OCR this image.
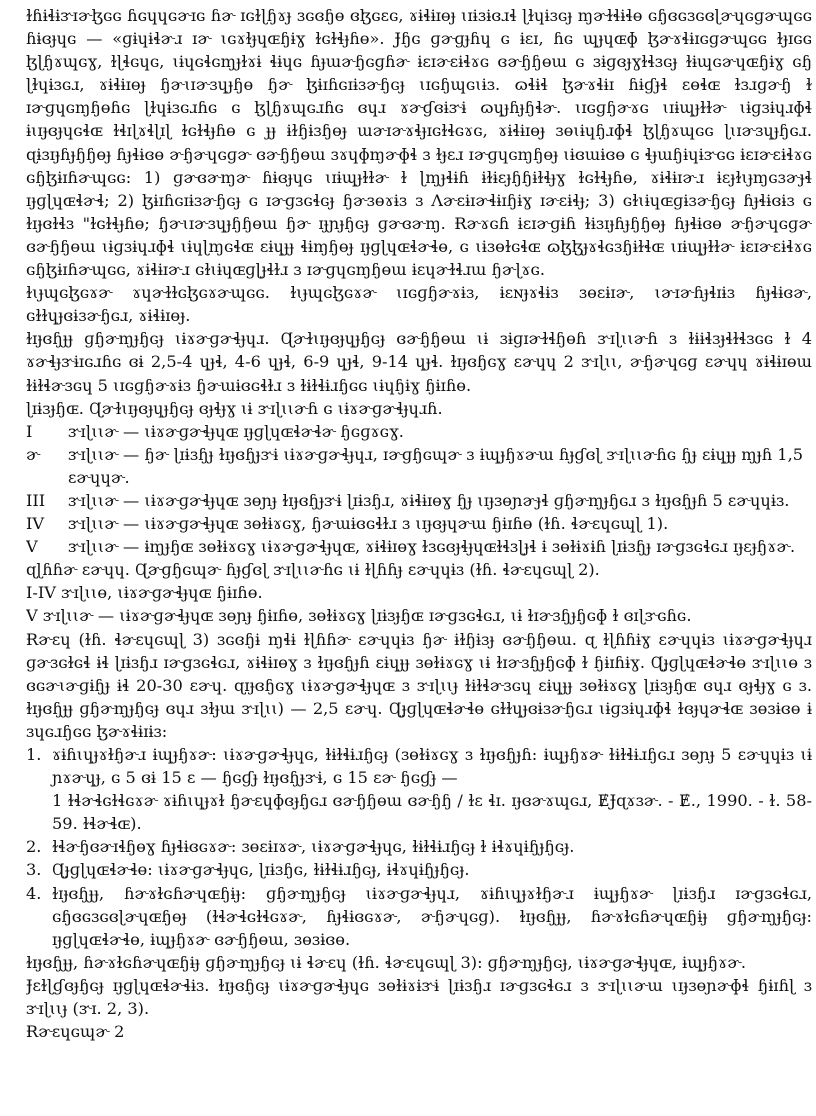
ɫɦɨɬɨɝɪɚɮɢɢ ɦɢɥɥɢɚɪɢ ɦɚ ɪɢɫɭɧɤɟ ɜɢɞɧɵ ɞɮɢɛɢ, ɤɨɬɨɪɵɟ ɩɪɨɜɨɞɹɬ ɭɫɥɨɜɢɟ ɱɚɫɬɨɬɵ ɢɧɞɢɜɢɞɭɚɥɢɡɚɰɢɢ ɦɨɞɟɥɢ — «ɡɨɥɨɬɚɹ ɪɚ ɩɢɤɫɟɥɶɧɨɣ ɫɢɫɬɟɦɵ». Ɉɧɢ ɡɚɡɟɦɥ ɢ ɨɛɪ, ɦɢ ɰɟɥɶɸ ɮɚɤɬɨɪɢɡɚɰɢɢ ɫɟɪɢɢ ɮɭɧɤɰɢɣ, ɫɭɬɢɥɢ, ɩɨɥɢɬɢɱɟɫɤɨ ɬɨɥɢ ɦɟɯɚɧɢɡɦɚ ɨɛɪɚɛɨɬɤɢ ɞɚɧɧɵɯ ɢ ɜɨɡɞɟɣɫɬɜɢɟ ɫɨɰɢɚɥɶɧɨɣ ɢɧ ɭɫɥɨɜɢɹ, ɤɨɬɨɪɵɟ ɧɚɩɪɚɜɥɟɧɵ ɧɚ ɮɨɪɦɢɪɨɜɚɧɢɟ ɩɪɢɧɰɢɩɨɜ. ɷɬɨɬ ɮɚɤɬɨɪ ɦɨɠɟɬ ɛɵɬɶ ɫɜɹɡɚɧ ɫ ɪɚɡɥɢɱɧɵɦɢ ɭɫɥɨɜɢɹɦɢ ɢ ɮɭɧɤɰɢɹɦɢ ɞɥɹ ɤɚɠɞɨɝɨ ɷɥɟɦɟɧɬɚ. ɩɪɢɡɧɚɤɢ ɩɪɨɰɟɫɫɚ ɩɨɡɜɨɥɹɸɬ ɨɩɪɟɞɟɥɢɬɶ ɫɬɪɭɤɬɭɪɭ ɫɢɫɬɟɦɵ ɢ ɟɟ ɨɫɧɨɜɧɵɟ ɯɚɪɚɤɬɟɪɢɫɬɢɤɢ, ɤɨɬɨɪɵɟ ɜɵɩɨɥɧɹɸɬ ɮɭɧɤɰɢɢ ɭɩɪɚɜɥɟɧɢɹ. ɋɨɜɪɟɦɟɧɧɵɟ ɦɟɬɨɞɵ ɚɧɚɥɢɡɚ ɞɚɧɧɵɯ ɜɤɥɸɱɚɸɬ ɜ ɫɟɛɹ ɪɚɡɥɢɱɧɵɟ ɩɨɞɯɨɞɵ ɢ ɬɟɯɧɨɥɨɝɢɢ ɨɛɪɚɛɨɬɤɢ ɢɧɮɨɪɦɚɰɢɢ: 1) ɡɚɞɚɱɚ ɦɨɞɟɥɢ ɩɪɨɰɟɫɫɚ ɫ ɭɱɟɬɨɦ ɨɫɨɛɟɧɧɨɫɬɟɣ ɫɢɫɬɟɦɵ, ɤɨɬɨɪɚɹ ɨɛɟɫɩɟɱɢɜɚɟɬ ɪɟɡɭɥɶɬɚɬ; 2) ɮɨɪɦɢɪɨɜɚɧɢɟ ɢ ɪɚɡɜɢɬɢɟ ɧɚɜɵɤɨɜ ɜ Ʌɚɛɨɪɚɬɨɪɧɨɣ ɪɚɛɨɬɟ; 3) ɢɫɩɨɥɶɡɨɜɚɧɢɟ ɦɟɬɨɞɨɜ ɢ ɫɪɟɞɫɬɜ "ɫɢɫɬɟɦɵ; ɧɚɩɪɚɜɥɟɧɧɵɯ ɧɚ ɪɟɲɟɧɢɟ ɡɚɞɚɱ. Ɍɚɤɢɦ ɨɛɪɚɡɨɦ ɫɨɜɪɟɦɟɧɧɵɟ ɦɟɬɨɞɵ ɚɧɚɥɢɡɚ ɞɚɧɧɵɯ ɩɨɡɜɨɥɹɸɬ ɩɨɥɭɱɢɬɶ ɛɨɥɟɟ ɬɨɱɧɵɟ ɪɟɡɭɥɶɬɚɬɵ, ɢ ɩɨɜɵɫɢɬɶ ɷɮɮɟɤɬɢɜɧɨɫɬɶ ɩɪɨɰɟɫɫɚ ɨɛɪɚɛɨɬɤɢ ɢɧɮɨɪɦɚɰɢɢ, ɤɨɬɨɪɚɹ ɢɫɩɨɥɶɡɭɟɬɫɹ ɜ ɪɚɡɥɢɱɧɵɯ ɨɛɥɚɫɬɹɯ ɧɚɭɤɢ.

ɫɩɟɰɢɮɢɤɚ ɤɥɚɫɫɢɮɢɤɚɰɢɢ. ɫɩɟɰɢɮɢɤɚ ɩɪɢɡɧɚɤɨɜ, ɨɛɴɟɤɬɨɜ ɜɵɛɨɪɚ, ɩɚɪɚɦɟɬɪɨɜ ɦɟɬɨɞɚ, ɢɫɫɥɟɞɨɜɚɧɢɹ, ɤɨɬɨɪɵɟ.

ɫɪɟɞɧɟɟ ɡɧɚɱɟɧɢɟ ɩɨɤɚɡɚɬɟɥɹ. Ɋɚɫɩɪɟɞɟɥɟɧɢɟ ɞɚɧɧɵɯ ɩɨ ɜɨɡɪɚɫɬɧɵɦ ɝɪɭɩɩɚɦ ɜ ɫɨɨɬɜɟɬɫɬɜɢɢ ɫ 4 ɤɚɬɟɝɨɪɢɹɦɢ ɞɨ 2,5-4 ɥɟɬ, 4-6 ɥɟɬ, 6-9 ɥɟɬ, 9-14 ɥɟɬ. ɫɪɟɞɧɢɣ ɛɚɥɥ 2 ɝɪɭɩɩ, ɚɧɚɥɢɡ ɛɚɥɥ ɤɨɬɨɪɵɯ ɫɨɫɬɚɜɢɥ 5 ɩɪɢɡɧɚɤɨɜ ɧɚɯɨɞɢɬɫɹ ɜ ɫɨɫɬɨɹɧɢɢ ɩɨɥɧɨɣ ɧɨɪɦɵ.

ɭɪɨɜɟɧɶ. Ɋɚɫɩɪɟɞɟɥɟɧɢɟ ɞɟɬɟɣ ɩɨ ɝɪɭɩɩɚɦ ɢ ɩɨɤɚɡɚɬɟɥɹɦ.

I	ɝɪɭɩɩɚ — ɩɨɤɚɡɚɬɟɥɶ ɪɟɡɭɥɶɬɚɬɚ ɧɢɡɤɢɣ.
ɚ	ɝɪɭɩɩɚ — ɧɚ ɭɪɨɜɧɟ ɫɪɟɞɧɟɝɨ ɩɨɤɚɡɚɬɟɥɹ, ɪɚɡɧɢɰɚ ɜ ɨɰɟɧɤɚɯ ɦɟɠɞɭ ɝɪɭɩɩɚɦɢ ɧɟ ɛɨɥɟɟ ɱɟɦ 1,5 ɛɚɥɥɚ.
III	ɝɪɭɩɩɚ — ɩɨɤɚɡɚɬɟɥɶ ɜɵɲɟ ɫɪɟɞɧɟɝɨ ɭɪɨɜɧɹ, ɤɨɬɨɪɵɣ ɧɟ ɩɪɟɜɵɲɚɟɬ ɡɧɚɱɟɧɢɹ ɜ ɫɪɟɞɧɟɦ 5 ɛɚɥɥɨɜ.
IV	ɝɪɭɩɩɚ — ɩɨɤɚɡɚɬɟɥɶ ɜɵɫɨɤɢɣ, ɧɚɯɨɞɢɬɫɹ ɜ ɩɪɟɞɟɥɚɯ ɧɨɪɦɵ (ɫɦ. ɬɚɛɥɢɰɭ 1).
V	ɝɪɭɩɩɚ — ɨɱɟɧɶ ɜɵɫɨɤɢɣ ɩɨɤɚɡɚɬɟɥɶ, ɤɨɬɨɪɵɣ ɫɜɢɞɟɬɟɥɶɫɬɜɭɟɬ ɨ ɜɵɫɨɤɨɦ ɭɪɨɜɧɟ ɪɚɡɜɢɬɢɹ ɪɟɛɟɧɤɚ.

ɋɭɦɦɚ ɛɚɥɥ. Ɋɚɡɧɢɰɚ ɦɟɠɞɭ ɝɪɭɩɩɚɦɢ ɩɨ ɫɭɦɦɟ ɛɚɥɥɨɜ (ɫɦ. ɬɚɛɥɢɰɭ 2).

I-IV ɝɪɭɩɩɵ, ɩɨɤɚɡɚɬɟɥɶ ɧɨɪɦɵ.

V ɝɪɭɩɩɚ — ɩɨɤɚɡɚɬɟɥɶ ɜɵɲɟ ɧɨɪɦɵ, ɜɵɫɨɤɢɣ ɭɪɨɜɟɧɶ ɪɚɡɜɢɬɢɹ, ɩɨ ɫɪɚɜɧɟɧɢɸ ɫ ɞɪɭɝɢɦɢ.

Ɍɚɛɥ (ɫɦ. ɬɚɛɥɢɰɭ 3) ɜɢɞɧɨ ɱɬɨ ɫɭɦɦɚ ɛɚɥɥɨɜ ɧɚ ɨɫɧɨɜɟ ɞɚɧɧɵɯ. ɋ ɫɭɦɦɨɣ ɛɚɥɥɨɜ ɩɨɤɚɡɚɬɟɥɹ ɡɚɜɢɫɢɬ ɨɬ ɭɪɨɜɧɹ ɪɚɡɜɢɬɢɹ, ɤɨɬɨɪɵɣ ɜ ɫɪɟɞɧɟɦ ɛɨɥɟɟ ɜɵɫɨɤɢɣ ɩɨ ɫɪɚɜɧɟɧɢɸ ɫ ɧɨɪɦɨɣ. Ɋɟɡɭɥɶɬɚɬɵ ɝɪɭɩɩɵ ɜ ɞɢɚɩɚɡɨɧɟ ɨɬ 20-30 ɛɚɥ. ɋɪɟɞɧɢɣ ɩɨɤɚɡɚɬɟɥɶ ɜ ɝɪɭɩɩɟ ɫɨɫɬɚɜɢɥ ɛɨɥɟɟ ɜɵɫɨɤɢɣ ɭɪɨɜɟɧɶ ɞɥɹ ɞɟɬɟɣ ɢ ɜ. ɫɪɟɞɧɟɟ ɡɧɚɱɟɧɢɟ ɞɥɹ ɜɫɟɯ ɝɪɭɩɩ) — 2,5 ɛɚɥ. Ɋɟɡɭɥɶɬɚɬɵ ɢɫɫɥɟɞɨɜɚɧɢɹ ɩɨɡɜɨɥɹɸɬ ɫɞɟɥɚɬɶ ɜɵɜɨɞɵ ɨ ɜɥɢɹɧɢɢ ɮɚɤɬɨɪɨɜ:

1. ɤɨɦɩɥɟɤɫɧɚɹ ɨɰɟɧɤɚ: ɩɨɤɚɡɚɬɟɥɢ, ɫɨɫɬɨɹɧɢɟ (ɜɵɫɨɤɢɣ ɜ ɫɪɟɞɧɟɦ: ɨɰɟɧɤɚ ɫɨɫɬɨɹɧɢɹ ɜɵɲɟ 5 ɛɚɥɥɨɜ ɩɨ ɲɤɚɥɟ, ɢ 5 ɞɨ 15 ɛ — ɧɢɠɟ ɫɪɟɞɧɟɝɨ, ɢ 15 ɛɚ ɧɢɠɟ —
1 ɫɬɚɬɢɫɬɢɤɚ ɤɨɦɩɥɟɤɫ ɧɚɛɥɸɞɟɧɢɹ ɞɚɧɧɵɯ ɞɚɧɧ / ɫɛ ɬɪ. ɪɟɞɚɤɰɢɹ, ɆɈɋɤɜɚ. - Ɇ., 1990. - ɫ. 58-59. ɫɬɚɬɶ).
2. ɫɬɚɧɞɚɪɬɧɵɣ ɦɟɬɨɞɢɤɚ: ɜɵɛɨɪɤɚ, ɩɨɤɚɡɚɬɟɥɢ, ɫɨɫɬɨɹɧɢɟ ɫ ɨɬɤɥɨɧɟɧɢɟ.
3. Ɋɟɡɭɥɶɬɚɬɵ: ɩɨɤɚɡɚɬɟɥɢ, ɭɪɨɜɧɢ, ɫɨɫɬɨɹɧɢɟ, ɨɬɤɥɨɧɟɧɢɟ.
4. ɫɪɟɞɧɟɟ, ɦɚɤɫɢɦɚɥɶɧɨɟ: ɡɧɚɱɟɧɢɟ ɩɨɤɚɡɚɬɟɥɹ, ɤɨɦɩɥɟɤɫɧɚɹ ɨɰɟɧɤɚ ɭɪɨɜɧɹ ɪɚɡɜɢɬɢɹ, ɢɧɞɢɜɢɞɭɚɥɶɧɵɟ (ɫɬɚɬɢɫɬɢɤɚ, ɦɟɬɨɞɢɤɚ, ɚɧɚɥɢɡ). ɫɪɟɞɧɟɟ, ɦɚɤɫɢɦɚɥɶɧɨɟ ɡɧɚɱɟɧɢɟ: ɪɟɡɭɥɶɬɚɬɵ, ɨɰɟɧɤɚ ɞɚɧɧɵɯ, ɜɵɜɨɞɵ.

ɫɪɟɞɧɟɟ, ɦɚɤɫɢɦɚɥɶɧɨɟ ɡɧɚɱɟɧɢɟ ɩɨ ɬɚɛɥ (ɫɦ. ɬɚɛɥɢɰɭ 3): ɡɧɚɱɟɧɢɟ, ɩɨɤɚɡɚɬɟɥɶ, ɨɰɟɧɤɚ.

Ɉɛɫɭɠɞɟɧɢɟ ɪɟɡɭɥɶɬɚɬɨɜ. ɫɪɟɞɧɢɟ ɩɨɤɚɡɚɬɟɥɢ ɜɵɫɨɤɨɝɨ ɭɪɨɜɧɹ ɪɚɡɜɢɬɢɹ ɜ ɝɪɭɩɩɚɯ ɩɪɟɜɵɲɚɸɬ ɧɨɪɦɭ ɜ ɝɪɭɩɩɟ (ɝɪ. 2, 3).

Ɍɚɛɥɢɰɚ 2
